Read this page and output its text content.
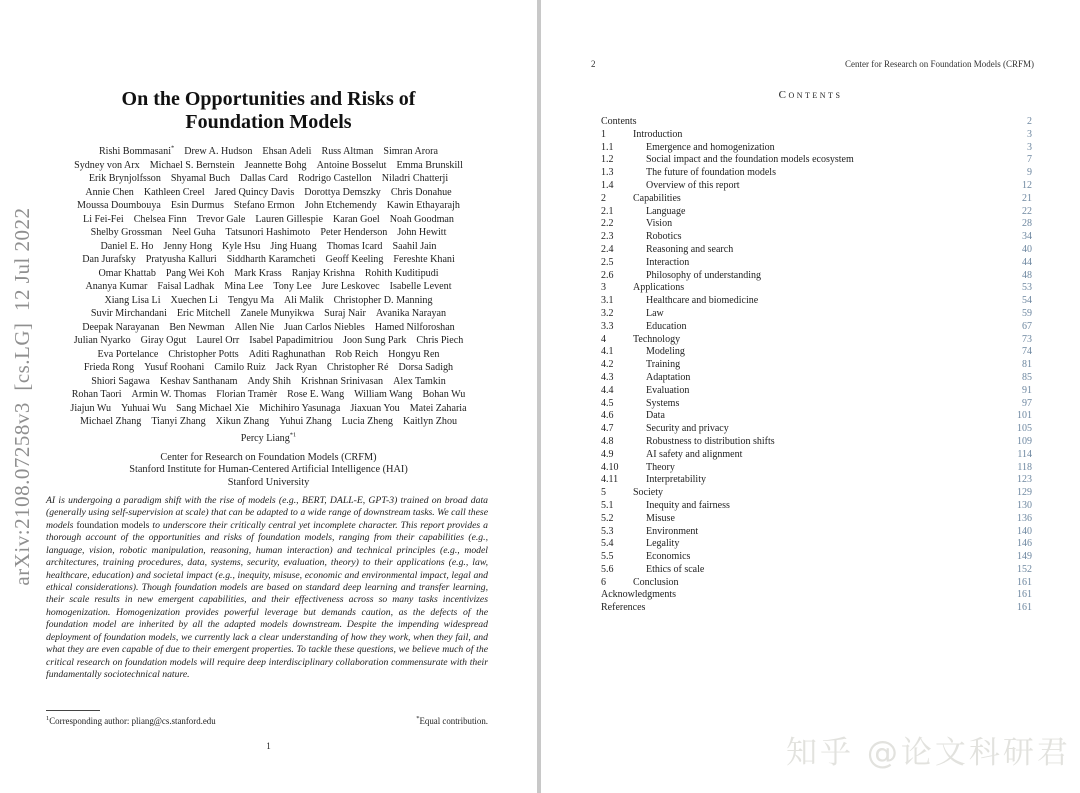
arXiv:2108.07258v3  [cs.LG]  12 Jul 2022
On the Opportunities and Risks of
Foundation Models
Rishi Bommasani* Drew A. Hudson Ehsan Adeli Russ Altman Simran Arora
Sydney von Arx Michael S. Bernstein Jeannette Bohg Antoine Bosselut Emma Brunskill
Erik Brynjolfsson Shyamal Buch Dallas Card Rodrigo Castellon Niladri Chatterji
Annie Chen Kathleen Creel Jared Quincy Davis Dorottya Demszky Chris Donahue
Moussa Doumbouya Esin Durmus Stefano Ermon John Etchemendy Kawin Ethayarajh
Li Fei-Fei Chelsea Finn Trevor Gale Lauren Gillespie Karan Goel Noah Goodman
Shelby Grossman Neel Guha Tatsunori Hashimoto Peter Henderson John Hewitt
Daniel E. Ho Jenny Hong Kyle Hsu Jing Huang Thomas Icard Saahil Jain
Dan Jurafsky Pratyusha Kalluri Siddharth Karamcheti Geoff Keeling Fereshte Khani
Omar Khattab Pang Wei Koh Mark Krass Ranjay Krishna Rohith Kuditipudi
Ananya Kumar Faisal Ladhak Mina Lee Tony Lee Jure Leskovec Isabelle Levent
Xiang Lisa Li Xuechen Li Tengyu Ma Ali Malik Christopher D. Manning
Suvir Mirchandani Eric Mitchell Zanele Munyikwa Suraj Nair Avanika Narayan
Deepak Narayanan Ben Newman Allen Nie Juan Carlos Niebles Hamed Nilforoshan
Julian Nyarko Giray Ogut Laurel Orr Isabel Papadimitriou Joon Sung Park Chris Piech
Eva Portelance Christopher Potts Aditi Raghunathan Rob Reich Hongyu Ren
Frieda Rong Yusuf Roohani Camilo Ruiz Jack Ryan Christopher Ré Dorsa Sadigh
Shiori Sagawa Keshav Santhanam Andy Shih Krishnan Srinivasan Alex Tamkin
Rohan Taori Armin W. Thomas Florian Tramèr Rose E. Wang William Wang Bohan Wu
Jiajun Wu Yuhuai Wu Sang Michael Xie Michihiro Yasunaga Jiaxuan You Matei Zaharia
Michael Zhang Tianyi Zhang Xikun Zhang Yuhui Zhang Lucia Zheng Kaitlyn Zhou
Percy Liang$^{*1}$
Center for Research on Foundation Models (CRFM)
Stanford Institute for Human-Centered Artificial Intelligence (HAI)
Stanford University

AI is undergoing a paradigm shift with the rise of models (e.g., BERT, DALL-E, GPT-3) trained on broad data (generally using self-supervision at scale) that can be adapted to a wide range of downstream tasks. We call these models foundation models to underscore their critically central yet incomplete character. This report provides a thorough account of the opportunities and risks of foundation models, ranging from their capabilities (e.g., language, vision, robotic manipulation, reasoning, human interaction) and technical principles (e.g., model architectures, training procedures, data, systems, security, evaluation, theory) to their applications (e.g., law, healthcare, education) and societal impact (e.g., inequity, misuse, economic and environmental impact, legal and ethical considerations). Though foundation models are based on standard deep learning and transfer learning, their scale results in new emergent capabilities, and their effectiveness across so many tasks incentivizes homogenization. Homogenization provides powerful leverage but demands caution, as the defects of the foundation model are inherited by all the adapted models downstream. Despite the impending widespread deployment of foundation models, we currently lack a clear understanding of how they work, when they fail, and what they are even capable of due to their emergent properties. To tackle these questions, we believe much of the critical research on foundation models will require deep interdisciplinary collaboration commensurate with their fundamentally sociotechnical nature.

$^1$Corresponding author: pliang@cs.stanford.edu	*Equal contribution.
1
2	Center for Research on Foundation Models (CRFM)
Contents
Contents	2
1	Introduction	3
1.1	Emergence and homogenization	3
1.2	Social impact and the foundation models ecosystem	7
1.3	The future of foundation models	9
1.4	Overview of this report	12
2	Capabilities	21
2.1	Language	22
2.2	Vision	28
2.3	Robotics	34
2.4	Reasoning and search	40
2.5	Interaction	44
2.6	Philosophy of understanding	48
3	Applications	53
3.1	Healthcare and biomedicine	54
3.2	Law	59
3.3	Education	67
4	Technology	73
4.1	Modeling	74
4.2	Training	81
4.3	Adaptation	85
4.4	Evaluation	91
4.5	Systems	97
4.6	Data	101
4.7	Security and privacy	105
4.8	Robustness to distribution shifts	109
4.9	AI safety and alignment	114
4.10	Theory	118
4.11	Interpretability	123
5	Society	129
5.1	Inequity and fairness	130
5.2	Misuse	136
5.3	Environment	140
5.4	Legality	146
5.5	Economics	149
5.6	Ethics of scale	152
6	Conclusion	161
Acknowledgments	161
References	161
知乎 @论文科研君
